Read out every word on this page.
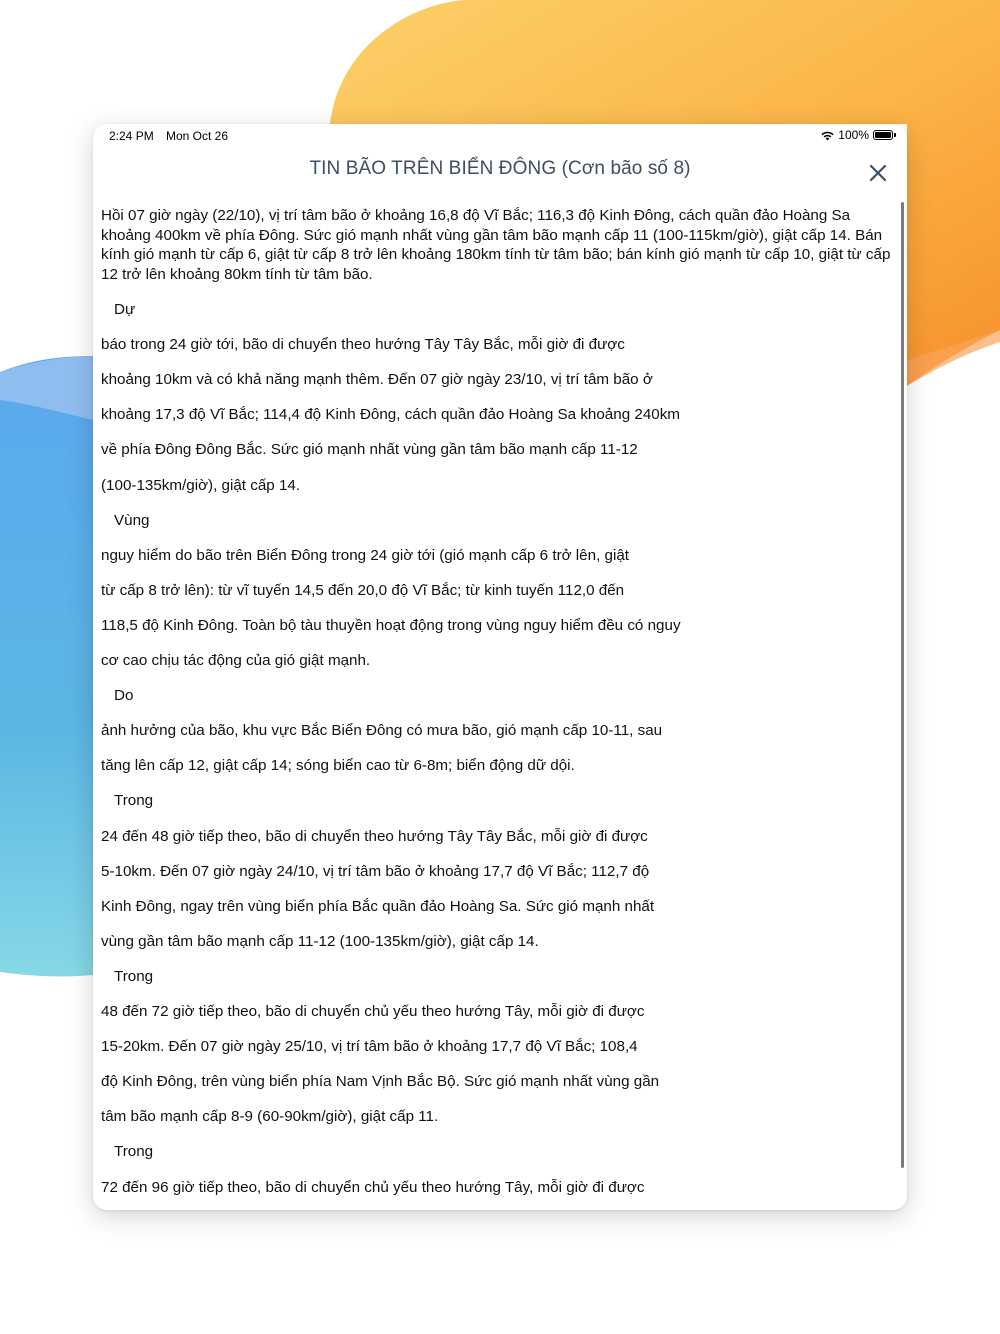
2:24 PM Mon Oct 26	100%
TIN BÃO TRÊN BIỂN ĐÔNG (Cơn bão số 8)
Hồi 07 giờ ngày (22/10), vị trí tâm bão ở khoảng 16,8 độ Vĩ Bắc; 116,3 độ Kinh Đông, cách quần đảo Hoàng Sa khoảng 400km về phía Đông. Sức gió mạnh nhất vùng gần tâm bão mạnh cấp 11 (100-115km/giờ), giật cấp 14. Bán kính gió mạnh từ cấp 6, giật từ cấp 8 trở lên khoảng 180km tính từ tâm bão; bán kính gió mạnh từ cấp 10, giật từ cấp 12 trở lên khoảng 80km tính từ tâm bão.
Dự
báo trong 24 giờ tới, bão di chuyển theo hướng Tây Tây Bắc, mỗi giờ đi được
khoảng 10km và có khả năng mạnh thêm. Đến 07 giờ ngày 23/10, vị trí tâm bão ở
khoảng 17,3 độ Vĩ Bắc; 114,4 độ Kinh Đông, cách quần đảo Hoàng Sa khoảng 240km
về phía Đông Đông Bắc. Sức gió mạnh nhất vùng gần tâm bão mạnh cấp 11-12
(100-135km/giờ), giật cấp 14.
Vùng
nguy hiểm do bão trên Biển Đông trong 24 giờ tới (gió mạnh cấp 6 trở lên, giật
từ cấp 8 trở lên): từ vĩ tuyến 14,5 đến 20,0 độ Vĩ Bắc; từ kinh tuyến 112,0 đến
118,5 độ Kinh Đông. Toàn bộ tàu thuyền hoạt động trong vùng nguy hiểm đều có nguy
cơ cao chịu tác động của gió giật mạnh.
Do
ảnh hưởng của bão, khu vực Bắc Biển Đông có mưa bão, gió mạnh cấp 10-11, sau
tăng lên cấp 12, giật cấp 14; sóng biển cao từ 6-8m; biển động dữ dội.
Trong
24 đến 48 giờ tiếp theo, bão di chuyển theo hướng Tây Tây Bắc, mỗi giờ đi được
5-10km. Đến 07 giờ ngày 24/10, vị trí tâm bão ở khoảng 17,7 độ Vĩ Bắc; 112,7 độ
Kinh Đông, ngay trên vùng biển phía Bắc quần đảo Hoàng Sa. Sức gió mạnh nhất
vùng gần tâm bão mạnh cấp 11-12 (100-135km/giờ), giật cấp 14.
Trong
48 đến 72 giờ tiếp theo, bão di chuyển chủ yếu theo hướng Tây, mỗi giờ đi được
15-20km. Đến 07 giờ ngày 25/10, vị trí tâm bão ở khoảng 17,7 độ Vĩ Bắc; 108,4
độ Kinh Đông, trên vùng biển phía Nam Vịnh Bắc Bộ. Sức gió mạnh nhất vùng gần
tâm bão mạnh cấp 8-9 (60-90km/giờ), giật cấp 11.
Trong
72 đến 96 giờ tiếp theo, bão di chuyển chủ yếu theo hướng Tây, mỗi giờ đi được
